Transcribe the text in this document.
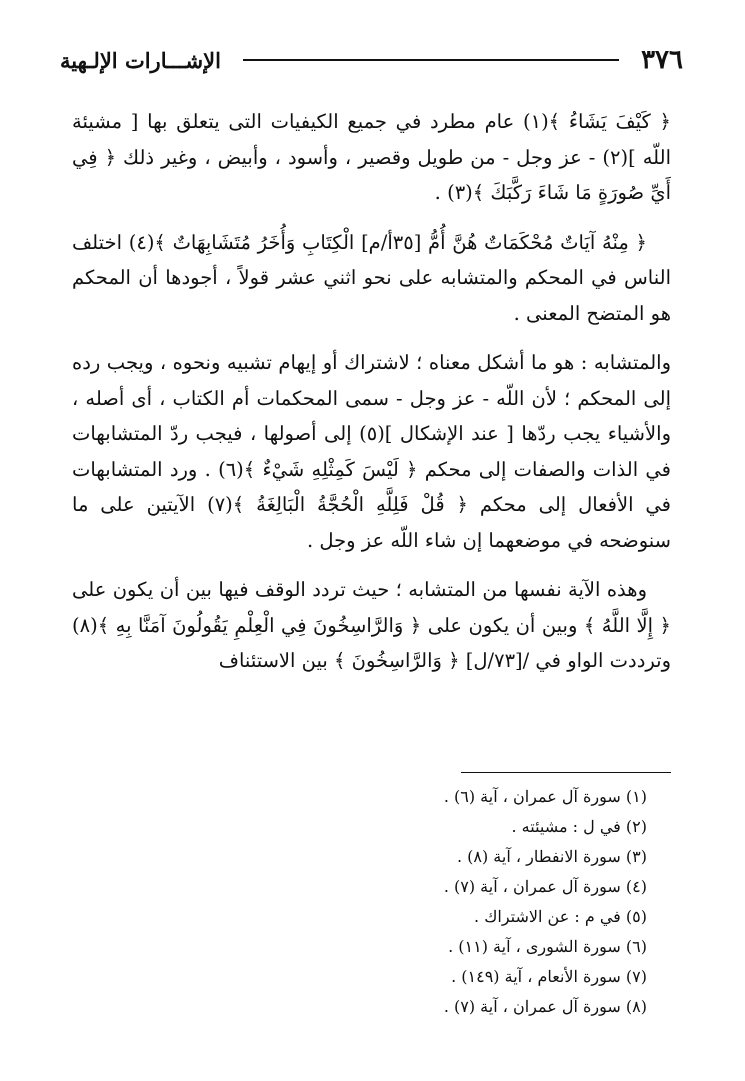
٣٧٦
الإشـــارات الإلـهية

﴿ كَيْفَ يَشَاءُ ﴾(١) عام مطرد في جميع الكيفيات التى يتعلق بها [ مشيئة اللّه ](٢) - عز وجل - من طويل وقصير ، وأسود ، وأبيض ، وغير ذلك ﴿ فِي أَيِّ صُورَةٍ مَا شَاءَ رَكَّبَكَ ﴾(٣) .

﴿ مِنْهُ آيَاتٌ مُحْكَمَاتٌ هُنَّ أُمُّ [٣٥أ/م] الْكِتَابِ وَأُخَرُ مُتَشَابِهَاتٌ ﴾(٤) اختلف الناس في المحكم والمتشابه على نحو اثني عشر قولاً ، أجودها أن المحكم هو المتضح المعنى .

والمتشابه : هو ما أشكل معناه ؛ لاشتراك أو إيهام تشبيه ونحوه ، ويجب رده إلى المحكم ؛ لأن اللّه - عز وجل - سمى المحكمات أم الكتاب ، أى أصله ، والأشياء يجب ردّها [ عند الإشكال ](٥) إلى أصولها ، فيجب ردّ المتشابهات في الذات والصفات إلى محكم ﴿ لَيْسَ كَمِثْلِهِ شَيْءٌ ﴾(٦) . ورد المتشابهات في الأفعال إلى محكم ﴿ قُلْ فَلِلَّهِ الْحُجَّةُ الْبَالِغَةُ ﴾(٧) الآيتين على ما سنوضحه في موضعهما إن شاء اللّه عز وجل .

وهذه الآية نفسها من المتشابه ؛ حيث تردد الوقف فيها بين أن يكون على ﴿ إِلَّا اللَّهُ ﴾ وبين أن يكون على ﴿ وَالرَّاسِخُونَ فِي الْعِلْمِ يَقُولُونَ آمَنَّا بِهِ ﴾(٨) وترددت الواو في /[٧٣/ل] ﴿ وَالرَّاسِخُونَ ﴾ بين الاستئناف

(١) سورة آل عمران ، آية (٦) .
(٢) في ل : مشيئته .
(٣) سورة الانفطار ، آية (٨) .
(٤) سورة آل عمران ، آية (٧) .
(٥) في م : عن الاشتراك .
(٦) سورة الشورى ، آية (١١) .
(٧) سورة الأنعام ، آية (١٤٩) .
(٨) سورة آل عمران ، آية (٧) .
